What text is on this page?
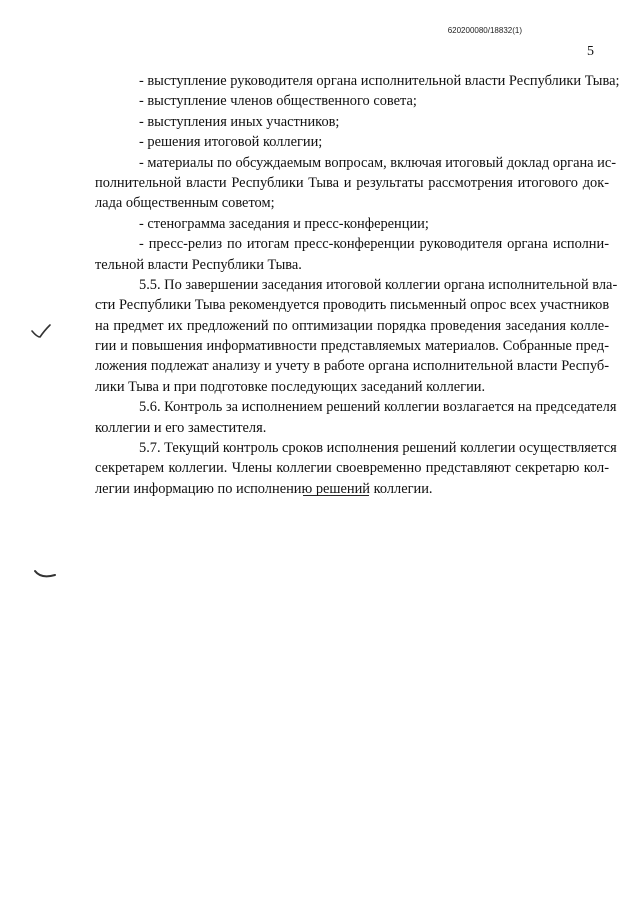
620200080/18832(1)
5
- выступление руководителя органа исполнительной власти Республики Тыва;
- выступление членов общественного совета;
- выступления иных участников;
- решения итоговой коллегии;
- материалы по обсуждаемым вопросам, включая итоговый доклад органа ис-
полнительной власти Республики Тыва и результаты рассмотрения итогового док-
лада общественным советом;
- стенограмма заседания и пресс-конференции;
- пресс-релиз по итогам пресс-конференции руководителя органа исполни-
тельной власти Республики Тыва.
5.5. По завершении заседания итоговой коллегии органа исполнительной вла-
сти Республики Тыва рекомендуется проводить письменный опрос всех участников
на предмет их предложений по оптимизации порядка проведения заседания колле-
гии и повышения информативности представляемых материалов. Собранные пред-
ложения подлежат анализу и учету в работе органа исполнительной власти Респуб-
лики Тыва и при подготовке последующих заседаний коллегии.
5.6. Контроль за исполнением решений коллегии возлагается на председателя
коллегии и его заместителя.
5.7. Текущий контроль сроков исполнения решений коллегии осуществляется
секретарем коллегии. Члены коллегии своевременно представляют секретарю кол-
легии информацию по исполнению решений коллегии.
